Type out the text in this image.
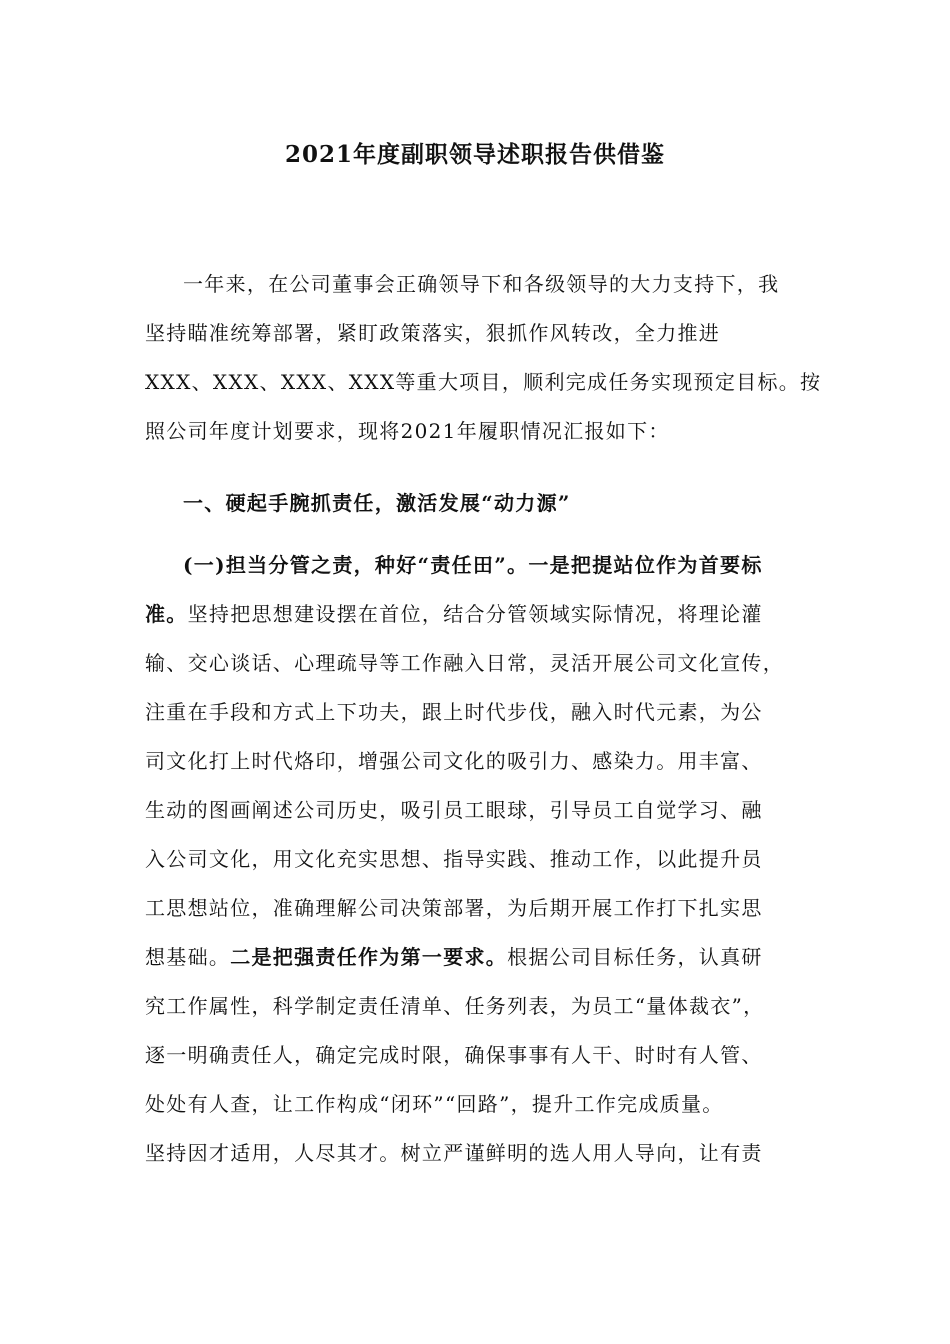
2021年度副职领导述职报告供借鉴
一年来，在公司董事会正确领导下和各级领导的大力支持下，我
坚持瞄准统筹部署，紧盯政策落实，狠抓作风转改，全力推进
XXX、XXX、XXX、XXX等重大项目，顺利完成任务实现预定目标。按
照公司年度计划要求，现将2021年履职情况汇报如下：
一、硬起手腕抓责任，激活发展“动力源”
(一)担当分管之责，种好“责任田”。一是把提站位作为首要标
准。坚持把思想建设摆在首位，结合分管领域实际情况，将理论灌
输、交心谈话、心理疏导等工作融入日常，灵活开展公司文化宣传，
注重在手段和方式上下功夫，跟上时代步伐，融入时代元素，为公
司文化打上时代烙印，增强公司文化的吸引力、感染力。用丰富、
生动的图画阐述公司历史，吸引员工眼球，引导员工自觉学习、融
入公司文化，用文化充实思想、指导实践、推动工作，以此提升员
工思想站位，准确理解公司决策部署，为后期开展工作打下扎实思
想基础。二是把强责任作为第一要求。根据公司目标任务，认真研
究工作属性，科学制定责任清单、任务列表，为员工“量体裁衣”，
逐一明确责任人，确定完成时限，确保事事有人干、时时有人管、
处处有人查，让工作构成“闭环”“回路”，提升工作完成质量。
坚持因才适用，人尽其才。树立严谨鲜明的选人用人导向，让有责
